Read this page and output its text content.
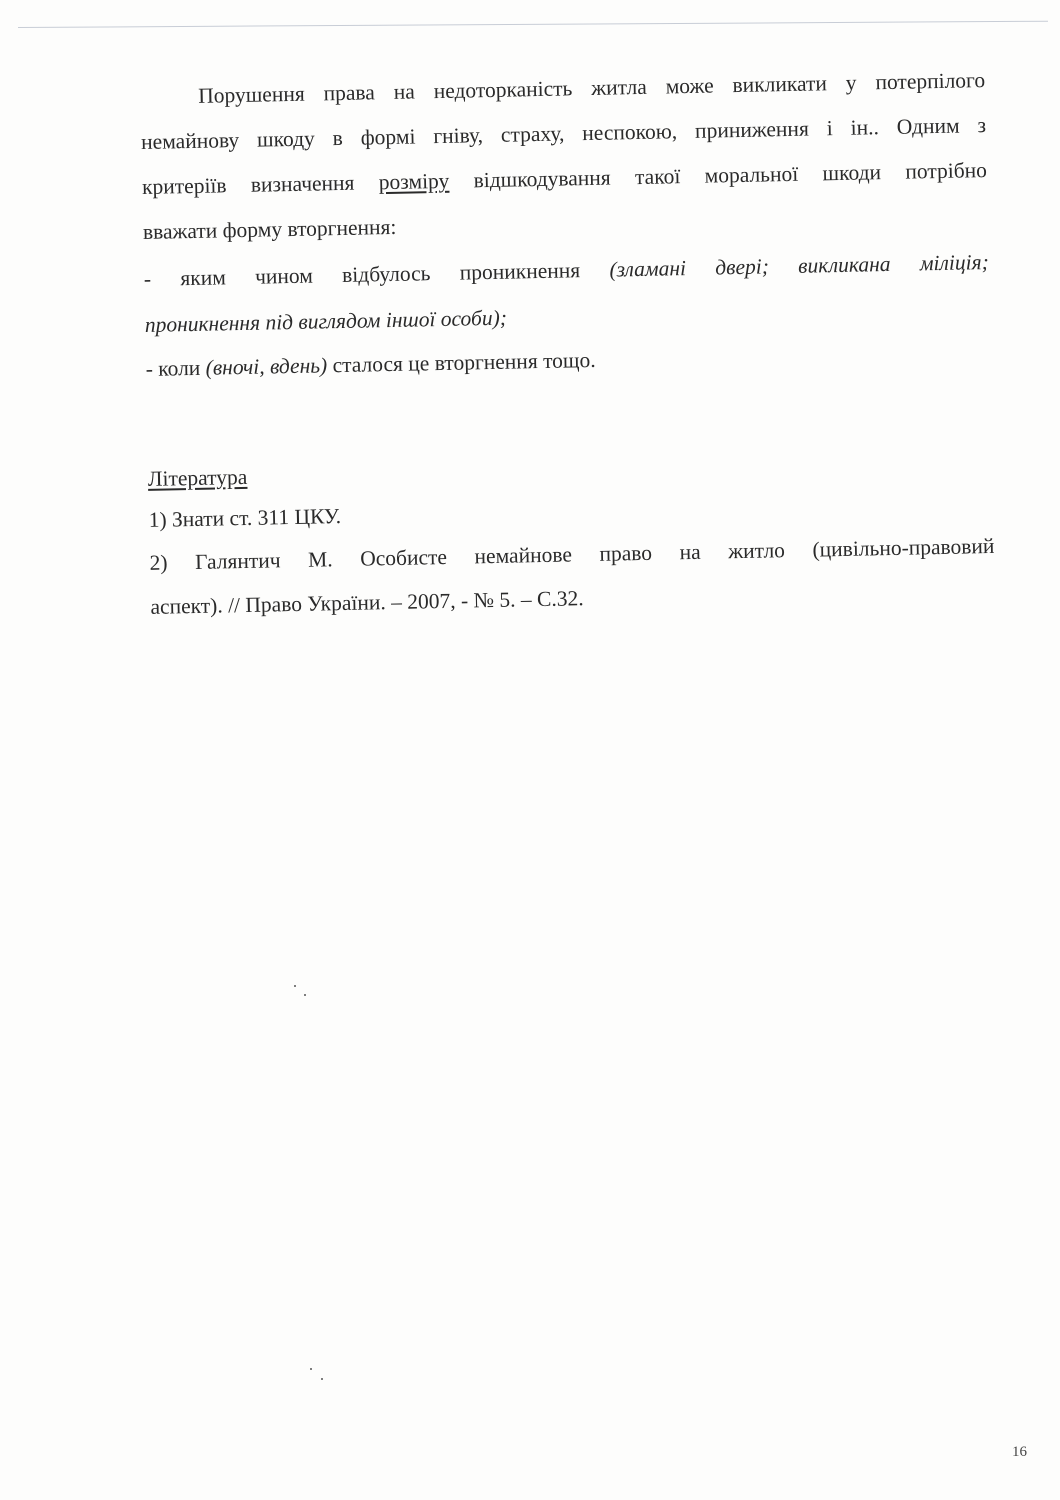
Порушення права на недоторканість житла може викликати у потерпілого
немайнову шкоду в формі гніву, страху, неспокою, приниження і ін.. Одним з
критеріїв визначення розміру відшкодування такої моральної шкоди потрібно
вважати форму вторгнення:
- яким чином відбулось проникнення (зламані двері; викликана міліція;
проникнення під виглядом іншої особи);
- коли (вночі, вдень) сталося це вторгнення тощо.
Література
1) Знати ст. 311 ЦКУ.
2) Галянтич М. Особисте немайнове право на житло (цивільно-правовий
аспект). // Право України. – 2007, - № 5. – С.32.
16
